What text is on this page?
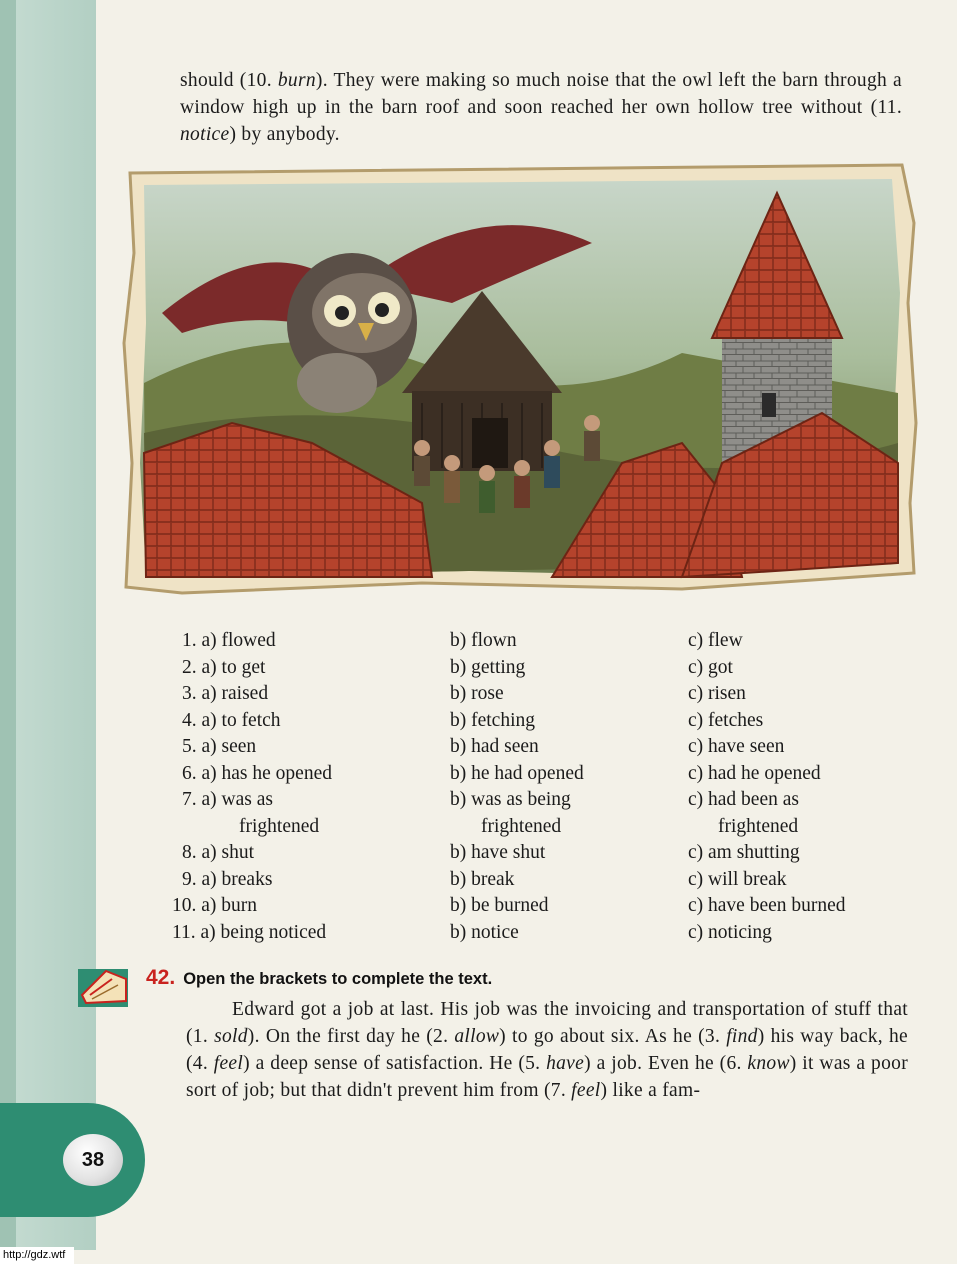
should (10. burn). They were making so much noise that the owl left the barn through a window high up in the barn roof and soon reached her own hollow tree without (11. notice) by anybody.

1. a) flowed	b) flown	c) flew
2. a) to get	b) getting	c) got
3. a) raised	b) rose	c) risen
4. a) to fetch	b) fetching	c) fetches
5. a) seen	b) had seen	c) have seen
6. a) has he opened	b) he had opened	c) had he opened
7. a) was as	b) was as being	c) had been as
frightened	frightened	frightened
8. a) shut	b) have shut	c) am shutting
9. a) breaks	b) break	c) will break
10. a) burn	b) be burned	c) have been burned
11. a) being noticed	b) notice	c) noticing
42. Open the brackets to complete the text.

Edward got a job at last. His job was the invoicing and transportation of stuff that (1. sold). On the first day he (2. allow) to go about six. As he (3. find) his way back, he (4. feel) a deep sense of satisfaction. He (5. have) a job. Even he (6. know) it was a poor sort of job; but that didn't prevent him from (7. feel) like a fam-

38
http://gdz.wtf
